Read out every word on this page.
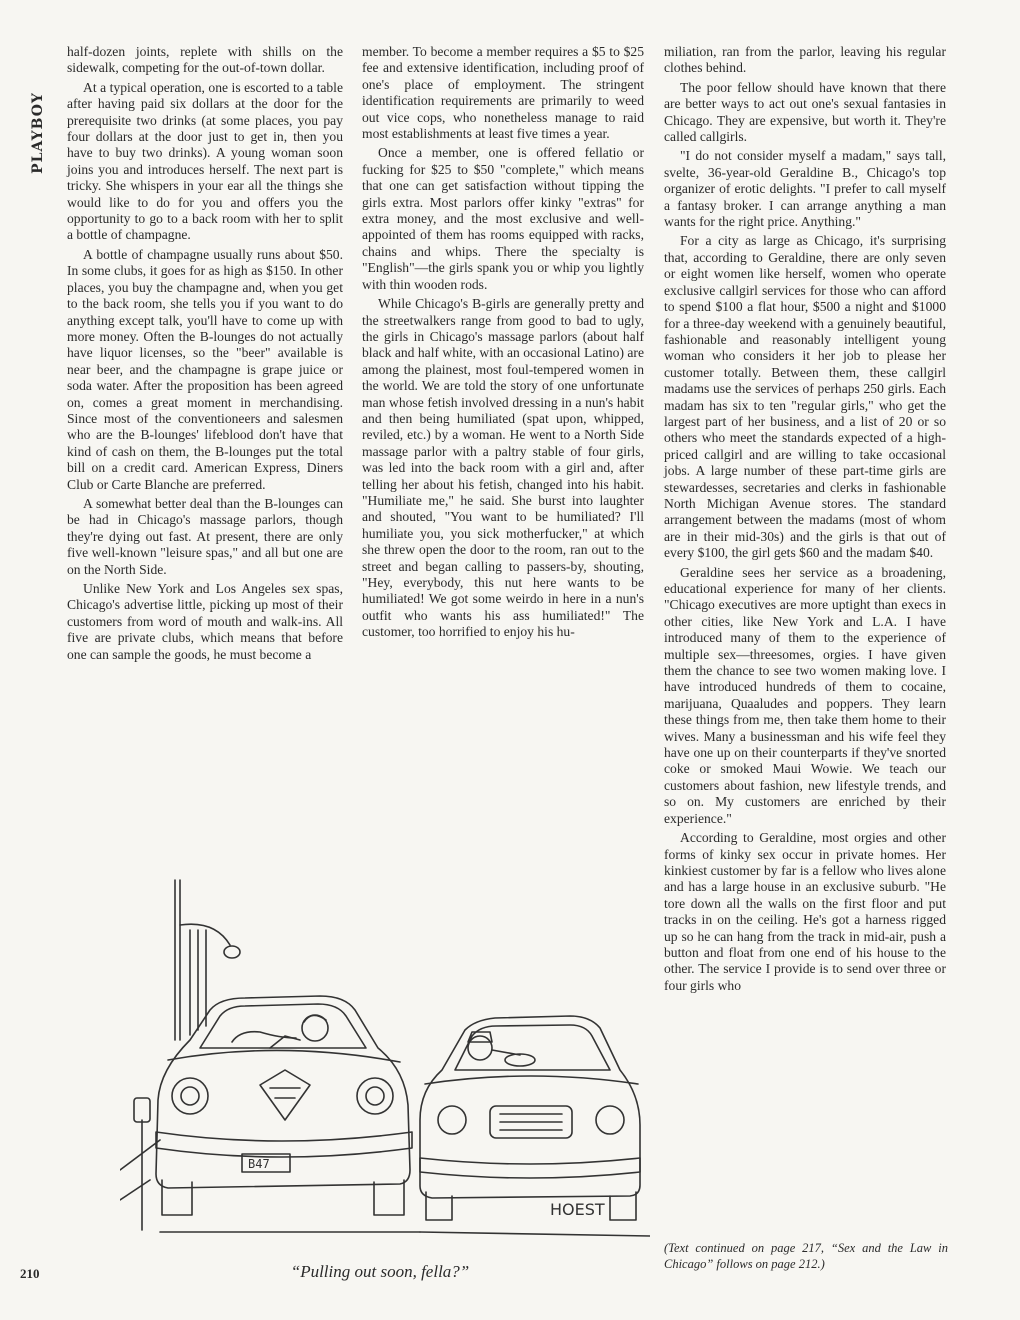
PLAYBOY

half-dozen joints, replete with shills on the sidewalk, competing for the out-of-town dollar.

At a typical operation, one is escorted to a table after having paid six dollars at the door for the prerequisite two drinks (at some places, you pay four dollars at the door just to get in, then you have to buy two drinks). A young woman soon joins you and introduces herself. The next part is tricky. She whispers in your ear all the things she would like to do for you and offers you the opportunity to go to a back room with her to split a bottle of champagne.

A bottle of champagne usually runs about $50. In some clubs, it goes for as high as $150. In other places, you buy the champagne and, when you get to the back room, she tells you if you want to do anything except talk, you'll have to come up with more money. Often the B-lounges do not actually have liquor licenses, so the "beer" available is near beer, and the champagne is grape juice or soda water. After the proposition has been agreed on, comes a great moment in merchandising. Since most of the conventioneers and salesmen who are the B-lounges' lifeblood don't have that kind of cash on them, the B-lounges put the total bill on a credit card. American Express, Diners Club or Carte Blanche are preferred.

A somewhat better deal than the B-lounges can be had in Chicago's massage parlors, though they're dying out fast. At present, there are only five well-known "leisure spas," and all but one are on the North Side.

Unlike New York and Los Angeles sex spas, Chicago's advertise little, picking up most of their customers from word of mouth and walk-ins. All five are private clubs, which means that before one can sample the goods, he must become a

member. To become a member requires a $5 to $25 fee and extensive identification, including proof of one's place of employment. The stringent identification requirements are primarily to weed out vice cops, who nonetheless manage to raid most establishments at least five times a year.

Once a member, one is offered fellatio or fucking for $25 to $50 "complete," which means that one can get satisfaction without tipping the girls extra. Most parlors offer kinky "extras" for extra money, and the most exclusive and well-appointed of them has rooms equipped with racks, chains and whips. There the specialty is "English"—the girls spank you or whip you lightly with thin wooden rods.

While Chicago's B-girls are generally pretty and the streetwalkers range from good to bad to ugly, the girls in Chicago's massage parlors (about half black and half white, with an occasional Latino) are among the plainest, most foul-tempered women in the world. We are told the story of one unfortunate man whose fetish involved dressing in a nun's habit and then being humiliated (spat upon, whipped, reviled, etc.) by a woman. He went to a North Side massage parlor with a paltry stable of four girls, was led into the back room with a girl and, after telling her about his fetish, changed into his habit. "Humiliate me," he said. She burst into laughter and shouted, "You want to be humiliated? I'll humiliate you, you sick motherfucker," at which she threw open the door to the room, ran out to the street and began calling to passers-by, shouting, "Hey, everybody, this nut here wants to be humiliated! We got some weirdo in here in a nun's outfit who wants his ass humiliated!" The customer, too horrified to enjoy his hu-

miliation, ran from the parlor, leaving his regular clothes behind.

The poor fellow should have known that there are better ways to act out one's sexual fantasies in Chicago. They are expensive, but worth it. They're called callgirls.

"I do not consider myself a madam," says tall, svelte, 36-year-old Geraldine B., Chicago's top organizer of erotic delights. "I prefer to call myself a fantasy broker. I can arrange anything a man wants for the right price. Anything."

For a city as large as Chicago, it's surprising that, according to Geraldine, there are only seven or eight women like herself, women who operate exclusive callgirl services for those who can afford to spend $100 a flat hour, $500 a night and $1000 for a three-day weekend with a genuinely beautiful, fashionable and reasonably intelligent young woman who considers it her job to please her customer totally. Between them, these callgirl madams use the services of perhaps 250 girls. Each madam has six to ten "regular girls," who get the largest part of her business, and a list of 20 or so others who meet the standards expected of a high-priced callgirl and are willing to take occasional jobs. A large number of these part-time girls are stewardesses, secretaries and clerks in fashionable North Michigan Avenue stores. The standard arrangement between the madams (most of whom are in their mid-30s) and the girls is that out of every $100, the girl gets $60 and the madam $40.

Geraldine sees her service as a broadening, educational experience for many of her clients. "Chicago executives are more uptight than execs in other cities, like New York and L.A. I have introduced many of them to the experience of multiple sex—threesomes, orgies. I have given them the chance to see two women making love. I have introduced hundreds of them to cocaine, marijuana, Quaaludes and poppers. They learn these things from me, then take them home to their wives. Many a businessman and his wife feel they have one up on their counterparts if they've snorted coke or smoked Maui Wowie. We teach our customers about fashion, new lifestyle trends, and so on. My customers are enriched by their experience."

According to Geraldine, most orgies and other forms of kinky sex occur in private homes. Her kinkiest customer by far is a fellow who lives alone and has a large house in an exclusive suburb. "He tore down all the walls on the first floor and put tracks in on the ceiling. He's got a harness rigged up so he can hang from the track in mid-air, push a button and float from one end of his house to the other. The service I provide is to send over three or four girls who

B47
HOEST
“Pulling out soon, fella?”
(Text continued on page 217, “Sex and the Law in Chicago” follows on page 212.)
210
